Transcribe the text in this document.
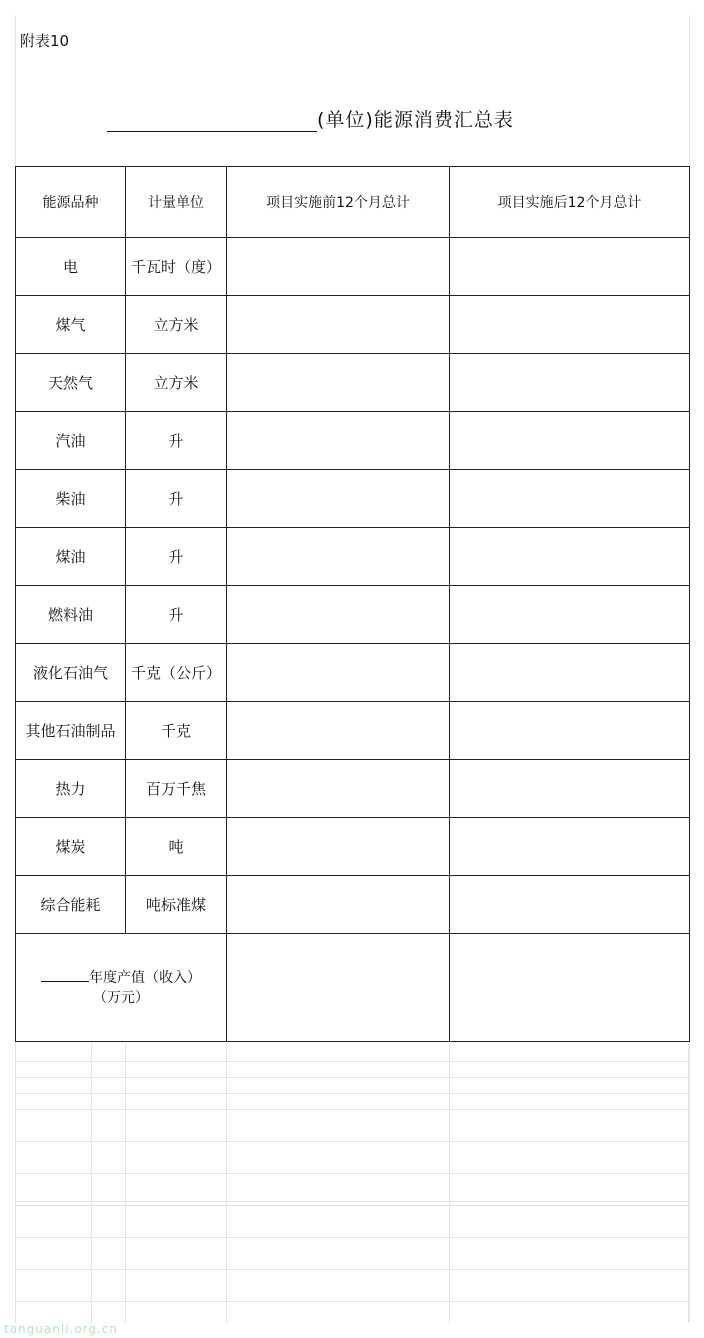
附表10
(单位)能源消费汇总表
能源品种	计量单位	项目实施前12个月总计	项目实施后12个月总计
电	千瓦时（度）		
煤气	立方米		
天然气	立方米		
汽油	升		
柴油	升		
煤油	升		
燃料油	升		
液化石油气	千克（公斤）		
其他石油制品	千克		
热力	百万千焦		
煤炭	吨		
综合能耗	吨标准煤		

年度产值（收入）
（万元）			

tanguanli.org.cn
